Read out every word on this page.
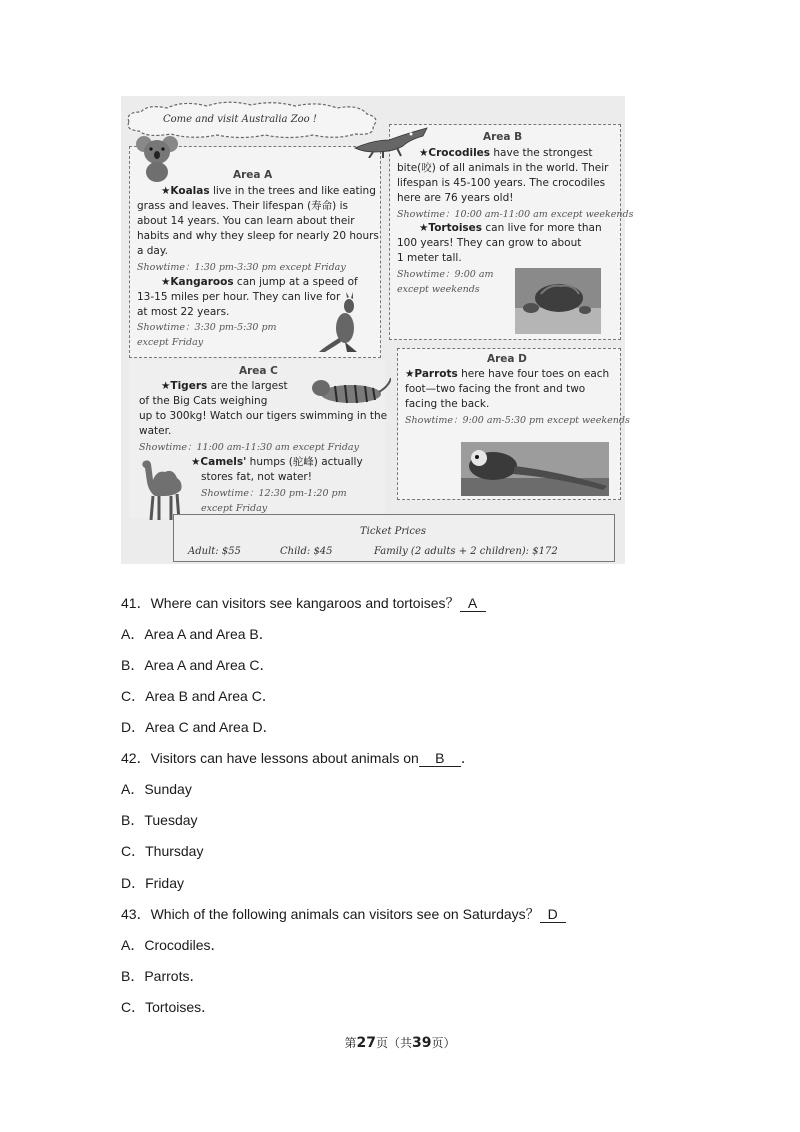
Come and visit Australia Zoo !
Area A
★Koalas live in the trees and like eating
grass and leaves. Their lifespan (寿命) is
about 14 years. You can learn about their
habits and why they sleep for nearly 20 hours
a day.
Showtime：1:30 pm-3:30 pm except Friday
★Kangaroos can jump at a speed of
13-15 miles per hour. They can live for
at most 22 years.
Showtime：3:30 pm-5:30 pm
except Friday
Area B
★Crocodiles have the strongest
bite(咬) of all animals in the world. Their
lifespan is 45-100 years. The crocodiles
here are 76 years old!
Showtime：10:00 am-11:00 am except weekends
★Tortoises can live for more than
100 years! They can grow to about
1 meter tall.
Showtime：9:00 am
except weekends
Area C
★Tigers are the largest
of the Big Cats weighing
up to 300kg! Watch our tigers swimming in the
water.
Showtime：11:00 am-11:30 am except Friday
★Camels' humps (驼峰) actually
stores fat, not water!
Showtime：12:30 pm-1:20 pm
except Friday
Area D
★Parrots here have four toes on each
foot—two facing the front and two
facing the back.
Showtime：9:00 am-5:30 pm except weekends
Ticket Prices
Adult: $55	Child: $45	Family (2 adults + 2 children): $172
41．Where can visitors see kangaroos and tortoises？ A
A．Area A and Area B．
B．Area A and Area C．
C．Area B and Area C．
D．Area C and Area D．
42．Visitors can have lessons about animals on B ．
A．Sunday
B．Tuesday
C．Thursday
D．Friday
43．Which of the following animals can visitors see on Saturdays？ D
A．Crocodiles．
B．Parrots．
C．Tortoises．
第27页（共39页）
